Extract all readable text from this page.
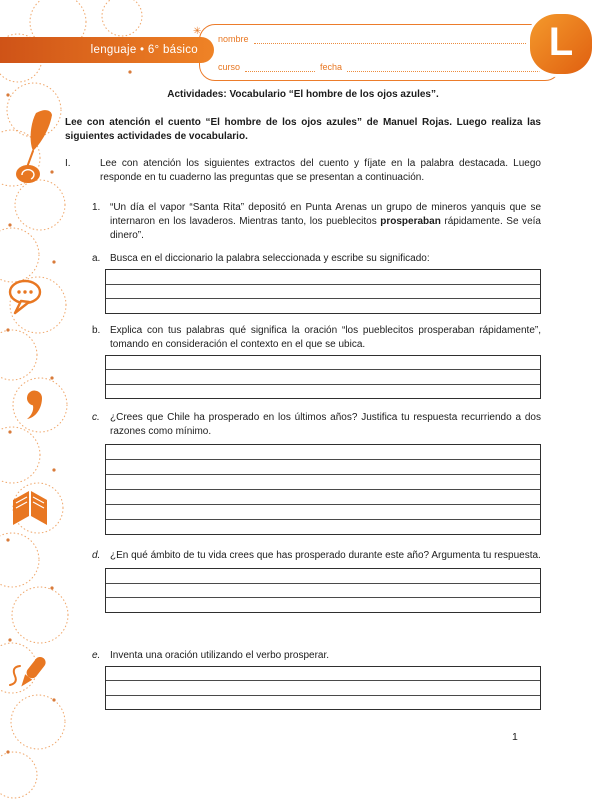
lenguaje • 6° básico
✳
nombre
curso	fecha
L

Actividades: Vocabulario “El hombre de los ojos azules”.

Lee con atención el cuento “El hombre de los ojos azules” de Manuel Rojas. Luego realiza las siguientes actividades de vocabulario.

I.	Lee con atención los siguientes extractos del cuento y fíjate en la palabra destacada. Luego responde en tu cuaderno las preguntas que se presentan a continuación.
1. “Un día el vapor “Santa Rita” depositó en Punta Arenas un grupo de mineros yanquis que se internaron en los lavaderos. Mientras tanto, los pueblecitos prosperaban rápidamente. Se veía dinero”.
a. Busca en el diccionario la palabra seleccionada y escribe su significado:

b. Explica con tus palabras qué significa la oración “los pueblecitos prosperaban rápidamente”, tomando en consideración el contexto en el que se ubica.

c.	¿Crees que Chile ha prosperado en los últimos años? Justifica tu respuesta recurriendo a dos razones como mínimo.

d. ¿En qué ámbito de tu vida crees que has prosperado durante este año? Argumenta tu respuesta.

e. Inventa una oración utilizando el verbo prosperar.

1
